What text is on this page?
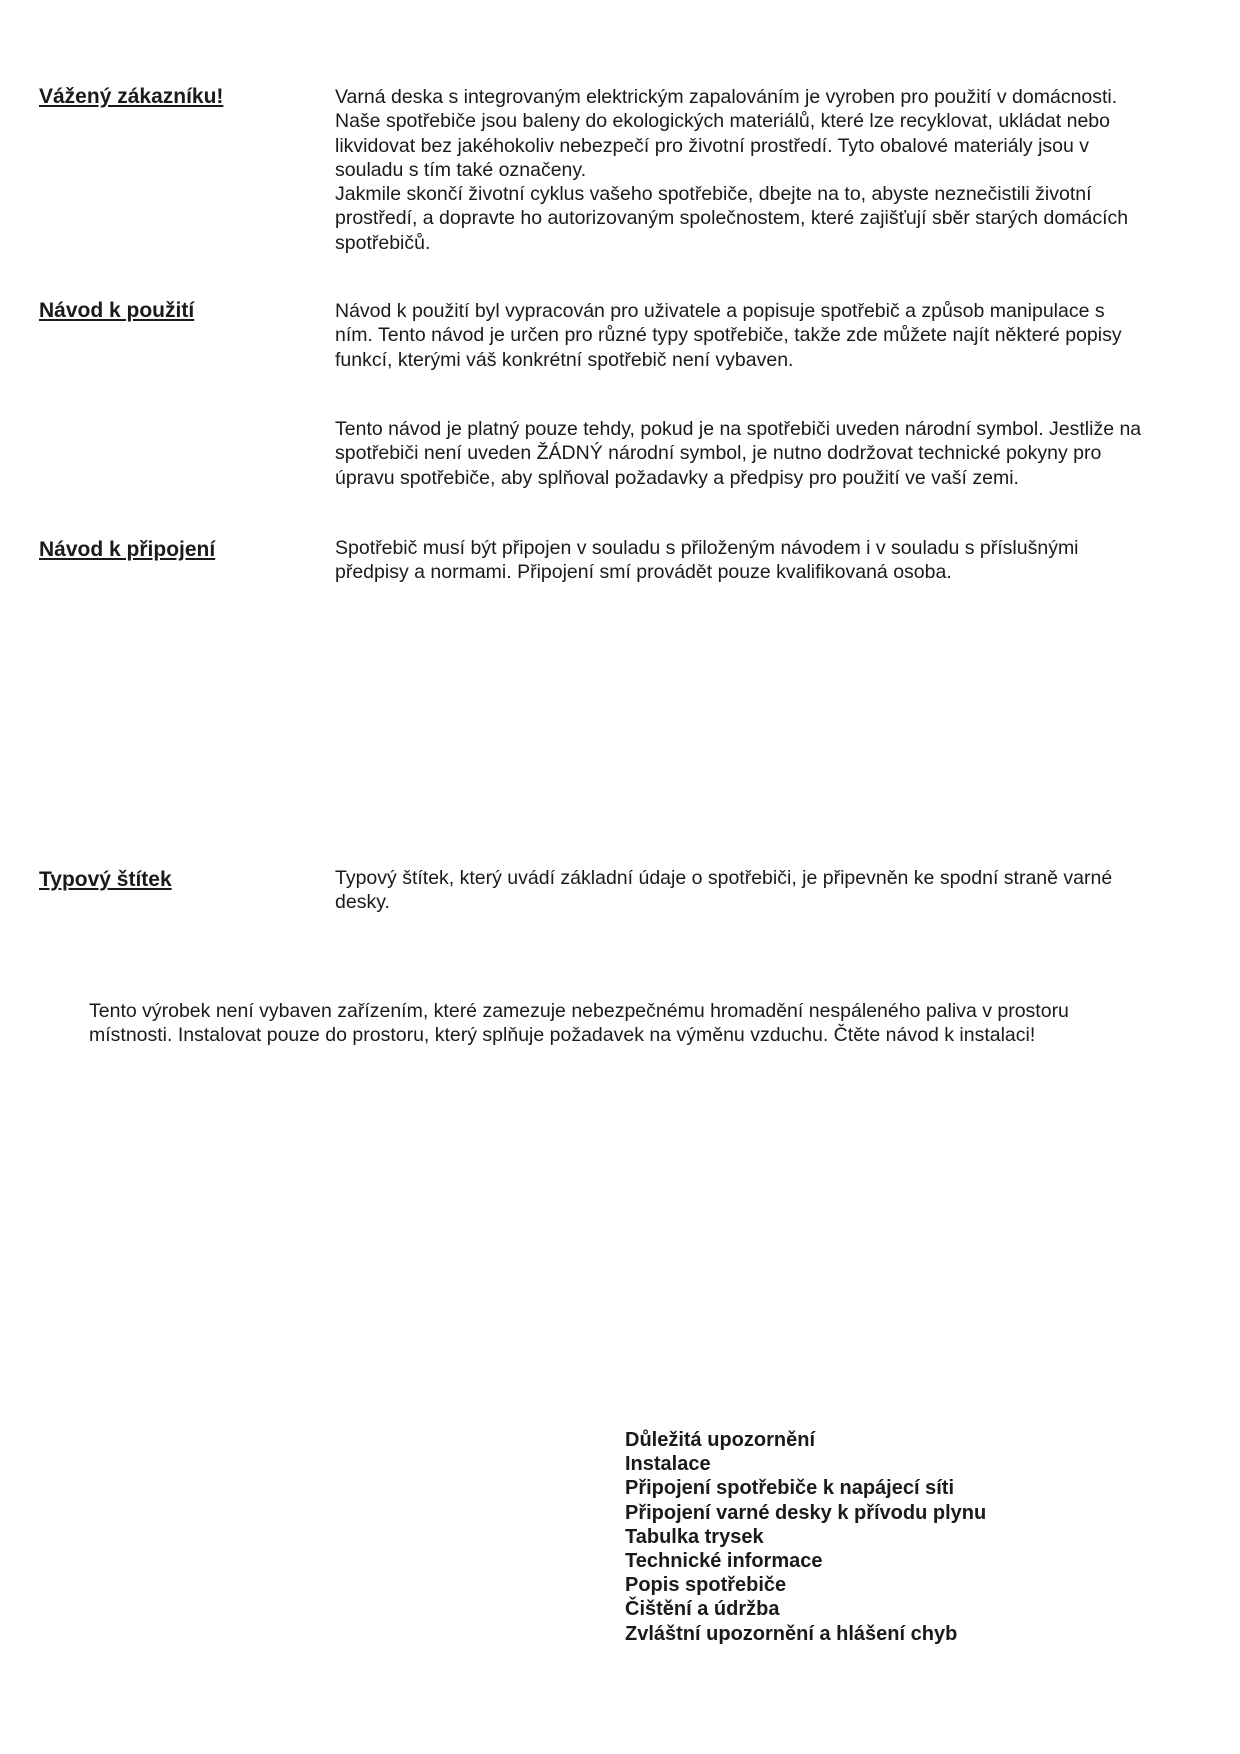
Vážený zákazníku!	Varná deska s integrovaným elektrickým zapalováním je vyroben pro použití v domácnosti.
Naše spotřebiče jsou baleny do ekologických materiálů, které lze recyklovat, ukládat nebo
likvidovat bez jakéhokoliv nebezpečí pro životní prostředí. Tyto obalové materiály jsou v
souladu s tím také označeny.
Jakmile skončí životní cyklus vašeho spotřebiče, dbejte na to, abyste neznečistili životní
prostředí, a dopravte ho autorizovaným společnostem, které zajišťují sběr starých domácích
spotřebičů.

Návod k použití	Návod k použití byl vypracován pro uživatele a popisuje spotřebič a způsob manipulace s
ním. Tento návod je určen pro různé typy spotřebiče, takže zde můžete najít některé popisy
funkcí, kterými váš konkrétní spotřebič není vybaven.

Tento návod je platný pouze tehdy, pokud je na spotřebiči uveden národní symbol. Jestliže na
spotřebiči není uveden ŽÁDNÝ národní symbol, je nutno dodržovat technické pokyny pro
úpravu spotřebiče, aby splňoval požadavky a předpisy pro použití ve vaší zemi.

Návod k připojení	Spotřebič musí být připojen v souladu s přiloženým návodem i v souladu s příslušnými
předpisy a normami. Připojení smí provádět pouze kvalifikovaná osoba.

Typový štítek	Typový štítek, který uvádí základní údaje o spotřebiči, je připevněn ke spodní straně varné
desky.

Tento výrobek není vybaven zařízením, které zamezuje nebezpečnému hromadění nespáleného paliva v prostoru
místnosti. Instalovat pouze do prostoru, který splňuje požadavek na výměnu vzduchu. Čtěte návod k instalaci!

Důležitá upozornění
Instalace
Připojení spotřebiče k napájecí síti
Připojení varné desky k přívodu plynu
Tabulka trysek
Technické informace
Popis spotřebiče
Čištění a údržba
Zvláštní upozornění a hlášení chyb
